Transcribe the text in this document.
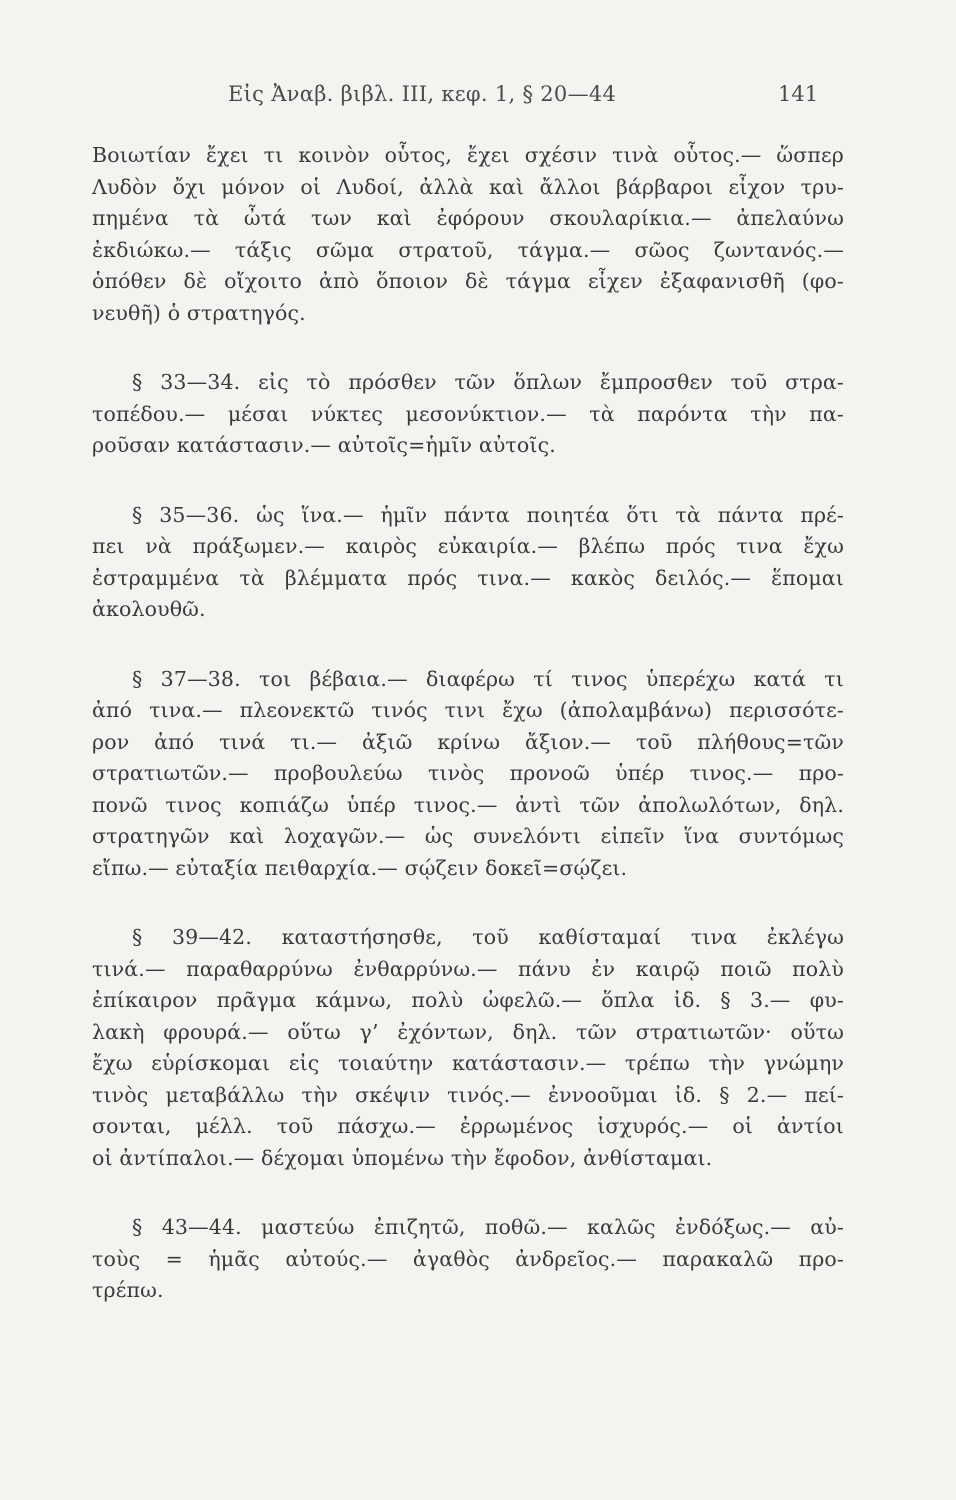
Εἰς Ἀναβ. βιβλ. III, κεφ. 1, § 20—44	141

Βοιωτίαν ἔχει τι κοινὸν οὗτος, ἔχει σχέσιν τινὰ οὗτος.— ὥσπερ
Λυδὸν ὄχι μόνον οἱ Λυδοί, ἀλλὰ καὶ ἄλλοι βάρβαροι εἶχον τρυ-
πημένα τὰ ὦτά των καὶ ἐφόρουν σκουλαρίκια.— ἀπελαύνω
ἐκδιώκω.— τάξις σῶμα στρατοῦ, τάγμα.— σῶος ζωντανός.—
ὁπόθεν δὲ οἴχοιτο ἀπὸ ὅποιον δὲ τάγμα εἶχεν ἐξαφανισθῆ (φο-
νευθῆ) ὁ στρατηγός.

§ 33—34. εἰς τὸ πρόσθεν τῶν ὅπλων ἔμπροσθεν τοῦ στρα-
τοπέδου.— μέσαι νύκτες μεσονύκτιον.— τὰ παρόντα τὴν πα-
ροῦσαν κατάστασιν.— αὐτοῖς=ἡμῖν αὐτοῖς.

§ 35—36. ὡς ἵνα.— ἡμῖν πάντα ποιητέα ὅτι τὰ πάντα πρέ-
πει νὰ πράξωμεν.— καιρὸς εὐκαιρία.— βλέπω πρός τινα ἔχω
ἐστραμμένα τὰ βλέμματα πρός τινα.— κακὸς δειλός.— ἕπομαι
ἀκολουθῶ.

§ 37—38. τοι βέβαια.— διαφέρω τί τινος ὑπερέχω κατά τι
ἀπό τινα.— πλεονεκτῶ τινός τινι ἔχω (ἀπολαμβάνω) περισσότε-
ρον ἀπό τινά τι.— ἀξιῶ κρίνω ἄξιον.— τοῦ πλήθους=τῶν
στρατιωτῶν.— προβουλεύω τινὸς προνοῶ ὑπέρ τινος.— προ-
πονῶ τινος κοπιάζω ὑπέρ τινος.— ἀντὶ τῶν ἀπολωλότων, δηλ.
στρατηγῶν καὶ λοχαγῶν.— ὡς συνελόντι εἰπεῖν ἵνα συντόμως
εἴπω.— εὐταξία πειθαρχία.— σῴζειν δοκεῖ=σῴζει.

§ 39—42. καταστήσησθε, τοῦ καθίσταμαί τινα ἐκλέγω
τινά.— παραθαρρύνω ἐνθαρρύνω.— πάνυ ἐν καιρῷ ποιῶ πολὺ
ἐπίκαιρον πρᾶγμα κάμνω, πολὺ ὠφελῶ.— ὅπλα ἰδ. § 3.— φυ-
λακὴ φρουρά.— οὕτω γ’ ἐχόντων, δηλ. τῶν στρατιωτῶν· οὕτω
ἔχω εὑρίσκομαι εἰς τοιαύτην κατάστασιν.— τρέπω τὴν γνώμην
τινὸς μεταβάλλω τὴν σκέψιν τινός.— ἐννοοῦμαι ἰδ. § 2.— πεί-
σονται, μέλλ. τοῦ πάσχω.— ἐρρωμένος ἰσχυρός.— οἱ ἀντίοι
οἱ ἀντίπαλοι.— δέχομαι ὑπομένω τὴν ἔφοδον, ἀνθίσταμαι.

§ 43—44. μαστεύω ἐπιζητῶ, ποθῶ.— καλῶς ἐνδόξως.— αὐ-
τοὺς = ἡμᾶς αὐτούς.— ἀγαθὸς ἀνδρεῖος.— παρακαλῶ προ-
τρέπω.
